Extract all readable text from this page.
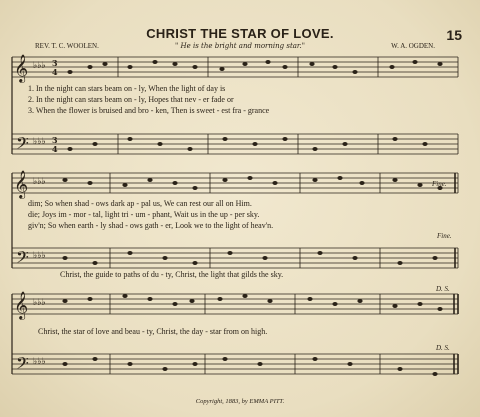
CHRIST THE STAR OF LOVE.	15
REV. T. C. WOOLEN.	" He is the bright and morning star."	W. A. OGDEN.
𝄞
𝄢
♭♭♭
♭♭♭
3
4
3
4
1. In the night can stars beam on - ly, When the light of day is
2. In the night can stars beam on - ly, Hopes that nev - er fade or
3. When the flower is bruised and bro - ken, Then is sweet - est fra - grance
𝄞
𝄢
♭♭♭
♭♭♭
Fine.
dim; So when shad - ows dark ap - pal us, We can rest our all on Him.
die; Joys im - mor - tal, light tri - um - phant, Wait us in the up - per sky.
giv'n; So when earth - ly shad - ows gath - er, Look we to the light of heav'n.
Fine.
Christ, the guide to paths of du - ty, Christ, the light that gilds the sky.
𝄞
𝄢
♭♭♭
♭♭♭
D. S.
Christ, the star of love and beau - ty, Christ, the day - star from on high.
D. S.
Copyright, 1883, by EMMA PITT.
